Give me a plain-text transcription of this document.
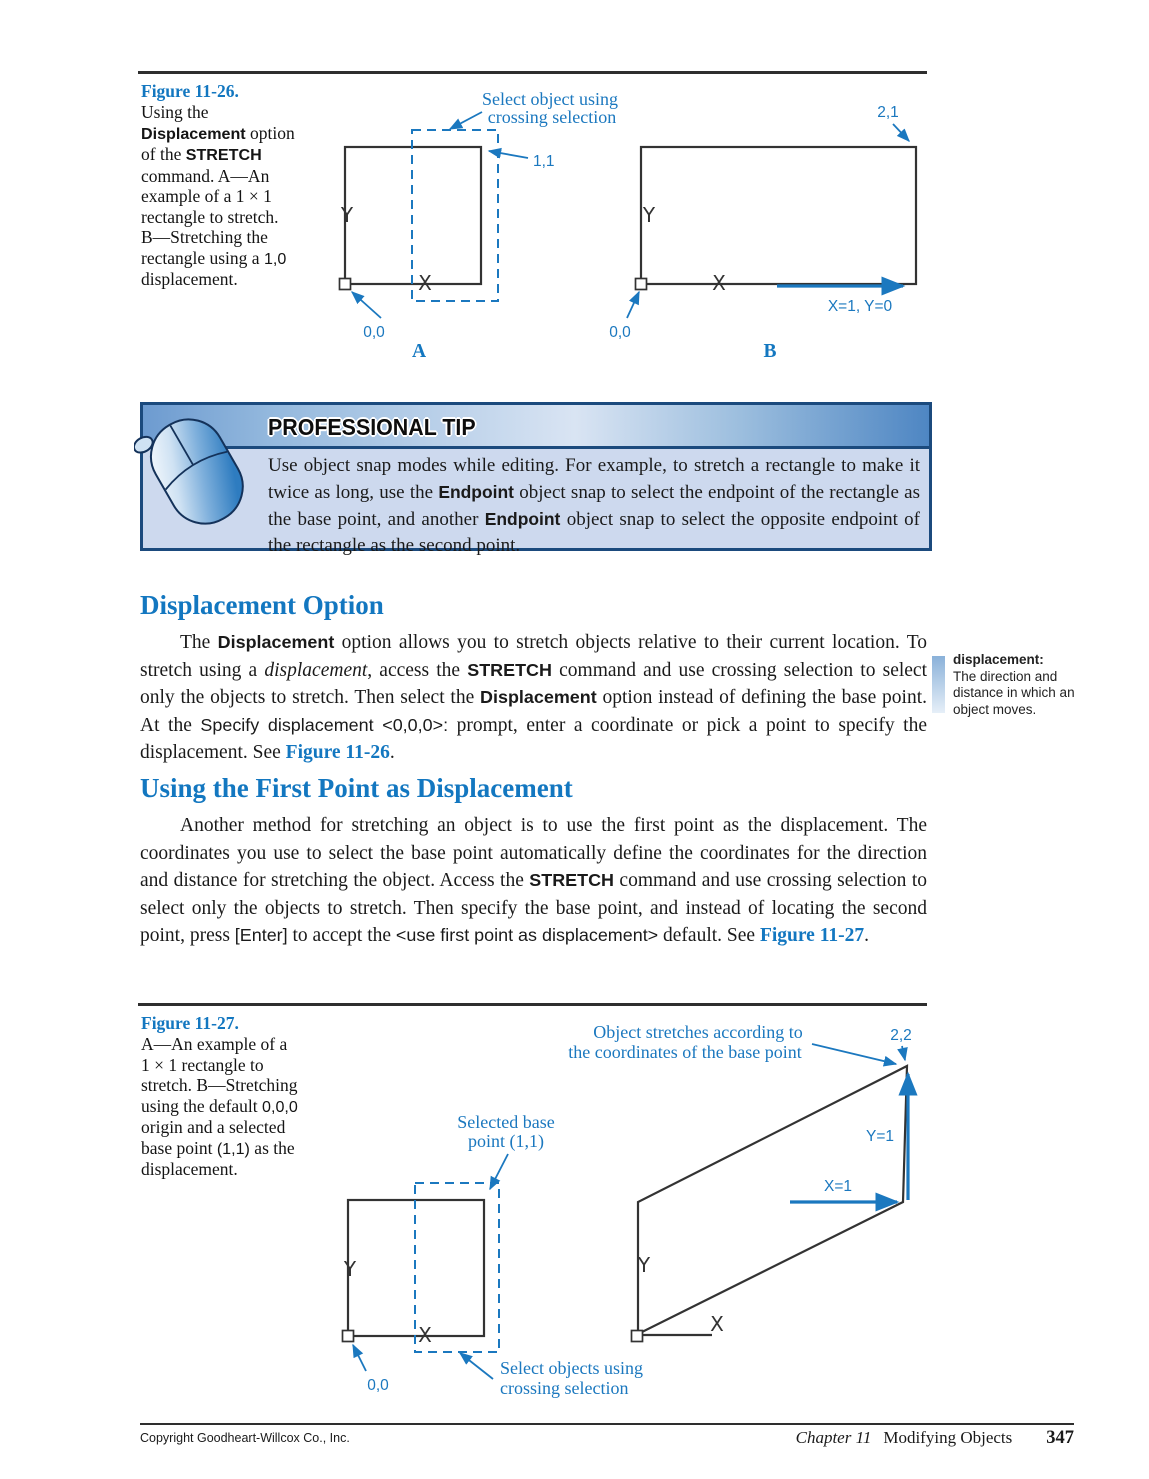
Figure 11-26.
Using the
Displacement option
of the STRETCH
command. A—An
example of a 1 × 1
rectangle to stretch.
B—Stretching the
rectangle using a 1,0
displacement.
Y
X
0,0
Select object using
crossing selection
1,1
A
Y
X
0,0
2,1
X=1, Y=0
B
PROFESSIONAL TIP
Use object snap modes while editing. For example, to stretch a rectangle to make it twice as long, use the Endpoint object snap to select the endpoint of the rectangle as the base point, and another Endpoint object snap to select the opposite endpoint of the rectangle as the second point.
Displacement Option
The Displacement option allows you to stretch objects relative to their current location. To stretch using a displacement, access the STRETCH command and use crossing selection to select only the objects to stretch. Then select the Displacement option instead of defining the base point. At the Specify displacement <0,0,0>: prompt, enter a coordinate or pick a point to specify the displacement. See Figure 11-26.
displacement:
The direction and distance in which an object moves.
Using the First Point as Displacement
Another method for stretching an object is to use the first point as the displacement. The coordinates you use to select the base point automatically define the coordinates for the direction and distance for stretching the object. Access the STRETCH command and use crossing selection to select only the objects to stretch. Then specify the base point, and instead of locating the second point, press [Enter] to accept the <use first point as displacement> default. See Figure 11-27.
Figure 11-27.
A—An example of a
1 × 1 rectangle to
stretch. B—Stretching
using the default 0,0,0
origin and a selected
base point (1,1) as the
displacement.
Y
X
0,0
Selected base
point (1,1)
Select objects using
crossing selection
Y
X
2,2
Object stretches according to
the coordinates of the base point
Y=1
X=1
Copyright Goodheart-Willcox Co., Inc.	Chapter 11 Modifying Objects 347
